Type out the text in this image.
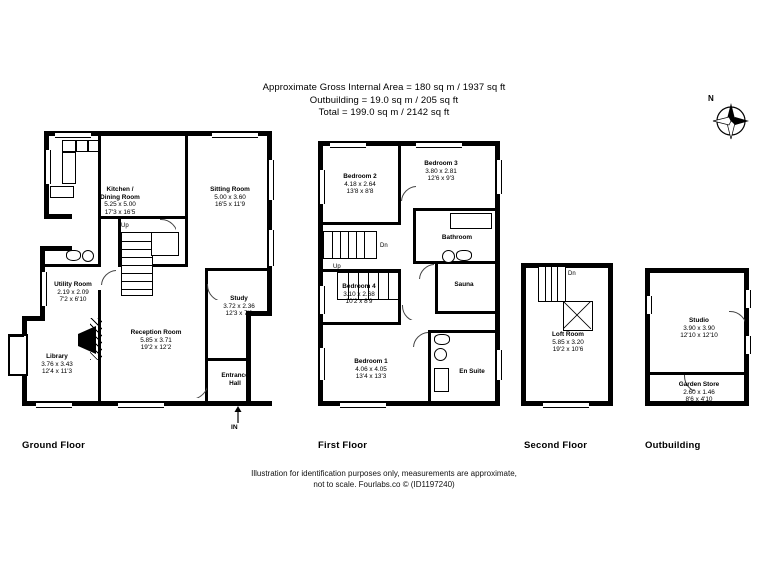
Approximate Gross Internal Area = 180 sq m / 1937 sq ft
Outbuilding = 19.0 sq m / 205 sq ft
Total = 199.0 sq m / 2142 sq ft
N
Up
Kitchen /
Dining Room
5.25 x 5.00
17'3 x 16'5
Sitting Room
5.00 x 3.60
16'5 x 11'9
Utility Room
2.19 x 2.09
7'2 x 6'10	Study
3.72 x 2.36
12'3 x 7'9
Reception Room
5.85 x 3.71
19'2 x 12'2
Library
3.76 x 3.43
12'4 x 11'3
Entrance
Hall
IN
Ground Floor
Dn
Up
Bedroom 2
4.18 x 2.64
13'8 x 8'8
Bedroom 3
3.80 x 2.81
12'6 x 9'3
Bathroom
Bedroom 4
3.10 x 2.68
10'2 x 8'9
Sauna
Bedroom 1
4.06 x 4.05
13'4 x 13'3
En Suite
First Floor
Dn
Loft Room
5.85 x 3.20
19'2 x 10'6
Second Floor
Studio
3.90 x 3.90
12'10 x 12'10
Garden Store
2.60 x 1.46
8'6 x 4'10
Outbuilding
Illustration for identification purposes only, measurements are approximate,
not to scale. Fourlabs.co © (ID1197240)
